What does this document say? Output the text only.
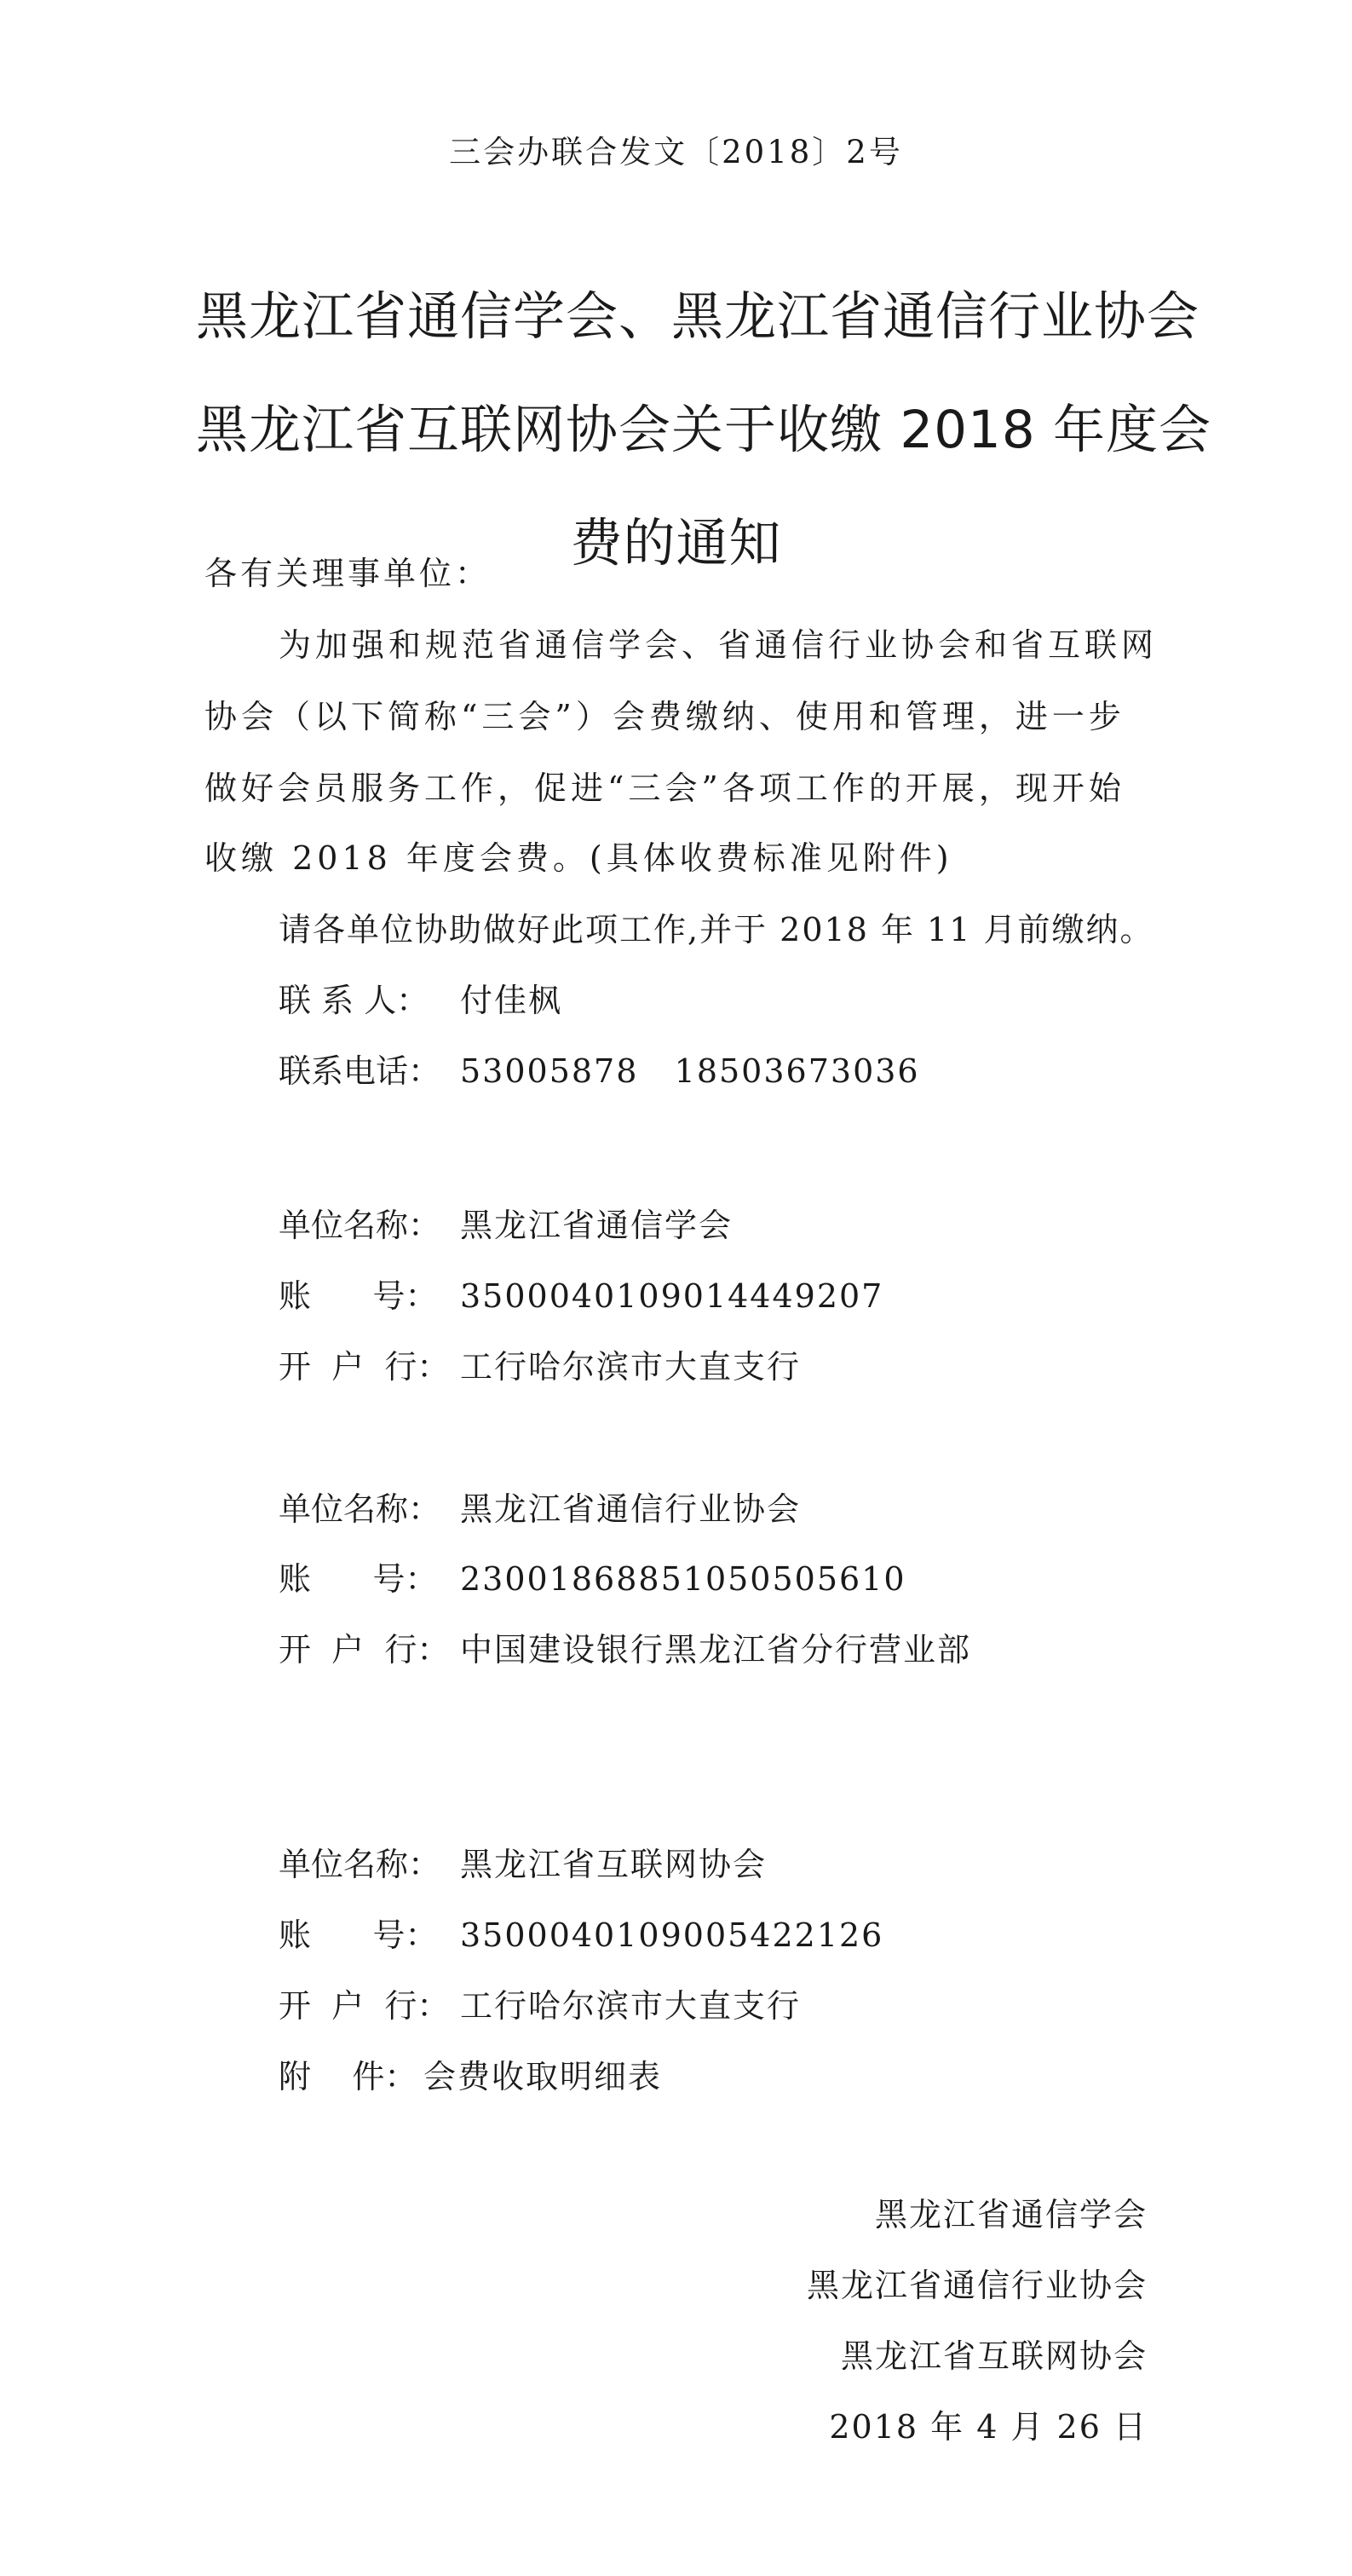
三会办联合发文〔2018〕2号
黑龙江省通信学会、黑龙江省通信行业协会
黑龙江省互联网协会关于收缴 2018 年度会
费的通知
各有关理事单位：
为加强和规范省通信学会、省通信行业协会和省互联网
协会（以下简称“三会”）会费缴纳、使用和管理，进一步
做好会员服务工作，促进“三会”各项工作的开展，现开始
收缴 2018 年度会费。(具体收费标准见附件)
请各单位协助做好此项工作,并于 2018 年 11 月前缴纳。
联 系 人： 付佳枫
联系电话： 53005878   18503673036
单位名称： 黑龙江省通信学会
账      号： 3500040109014449207
开  户  行： 工行哈尔滨市大直支行
单位名称： 黑龙江省通信行业协会
账      号： 23001868851050505610
开  户  行： 中国建设银行黑龙江省分行营业部
单位名称： 黑龙江省互联网协会
账      号： 3500040109005422126
开  户  行： 工行哈尔滨市大直支行
附    件： 会费收取明细表
黑龙江省通信学会
黑龙江省通信行业协会
黑龙江省互联网协会
2018 年 4 月 26 日
